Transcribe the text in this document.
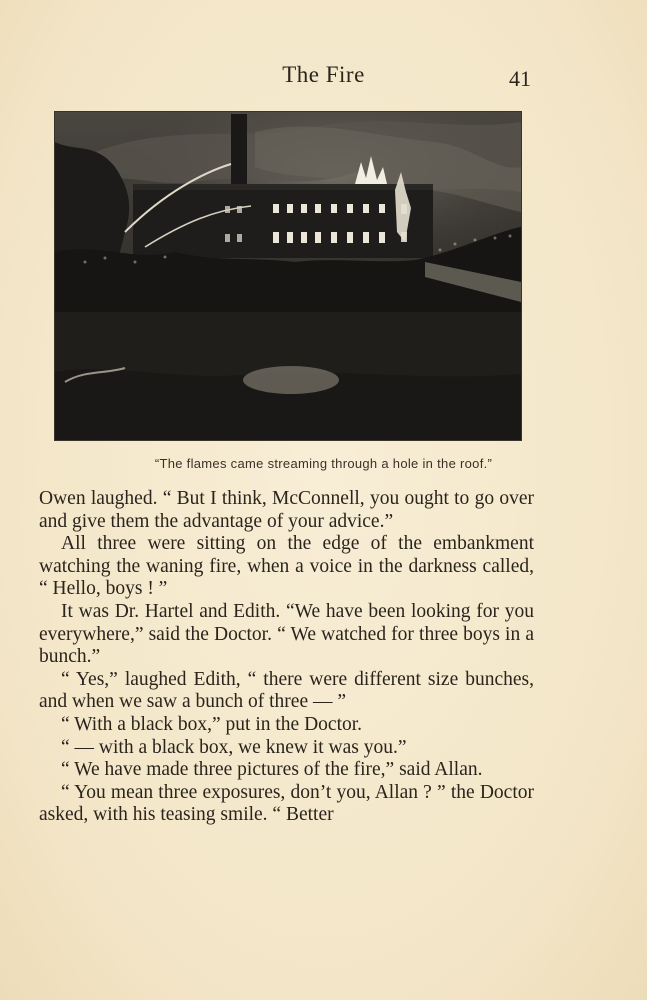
The Fire	41
“The flames came streaming through a hole in the roof.”

Owen laughed. “ But I think, McConnell, you ought to go over and give them the advantage of your advice.”

All three were sitting on the edge of the embankment watching the waning fire, when a voice in the darkness called, “ Hello, boys ! ”

It was Dr. Hartel and Edith. “We have been looking for you everywhere,” said the Doctor. “ We watched for three boys in a bunch.”

“ Yes,” laughed Edith, “ there were different size bunches, and when we saw a bunch of three — ”

“ With a black box,” put in the Doctor.

“ — with a black box, we knew it was you.”

“ We have made three pictures of the fire,” said Allan.

“ You mean three exposures, don’t you, Allan ? ” the Doctor asked, with his teasing smile. “ Better
